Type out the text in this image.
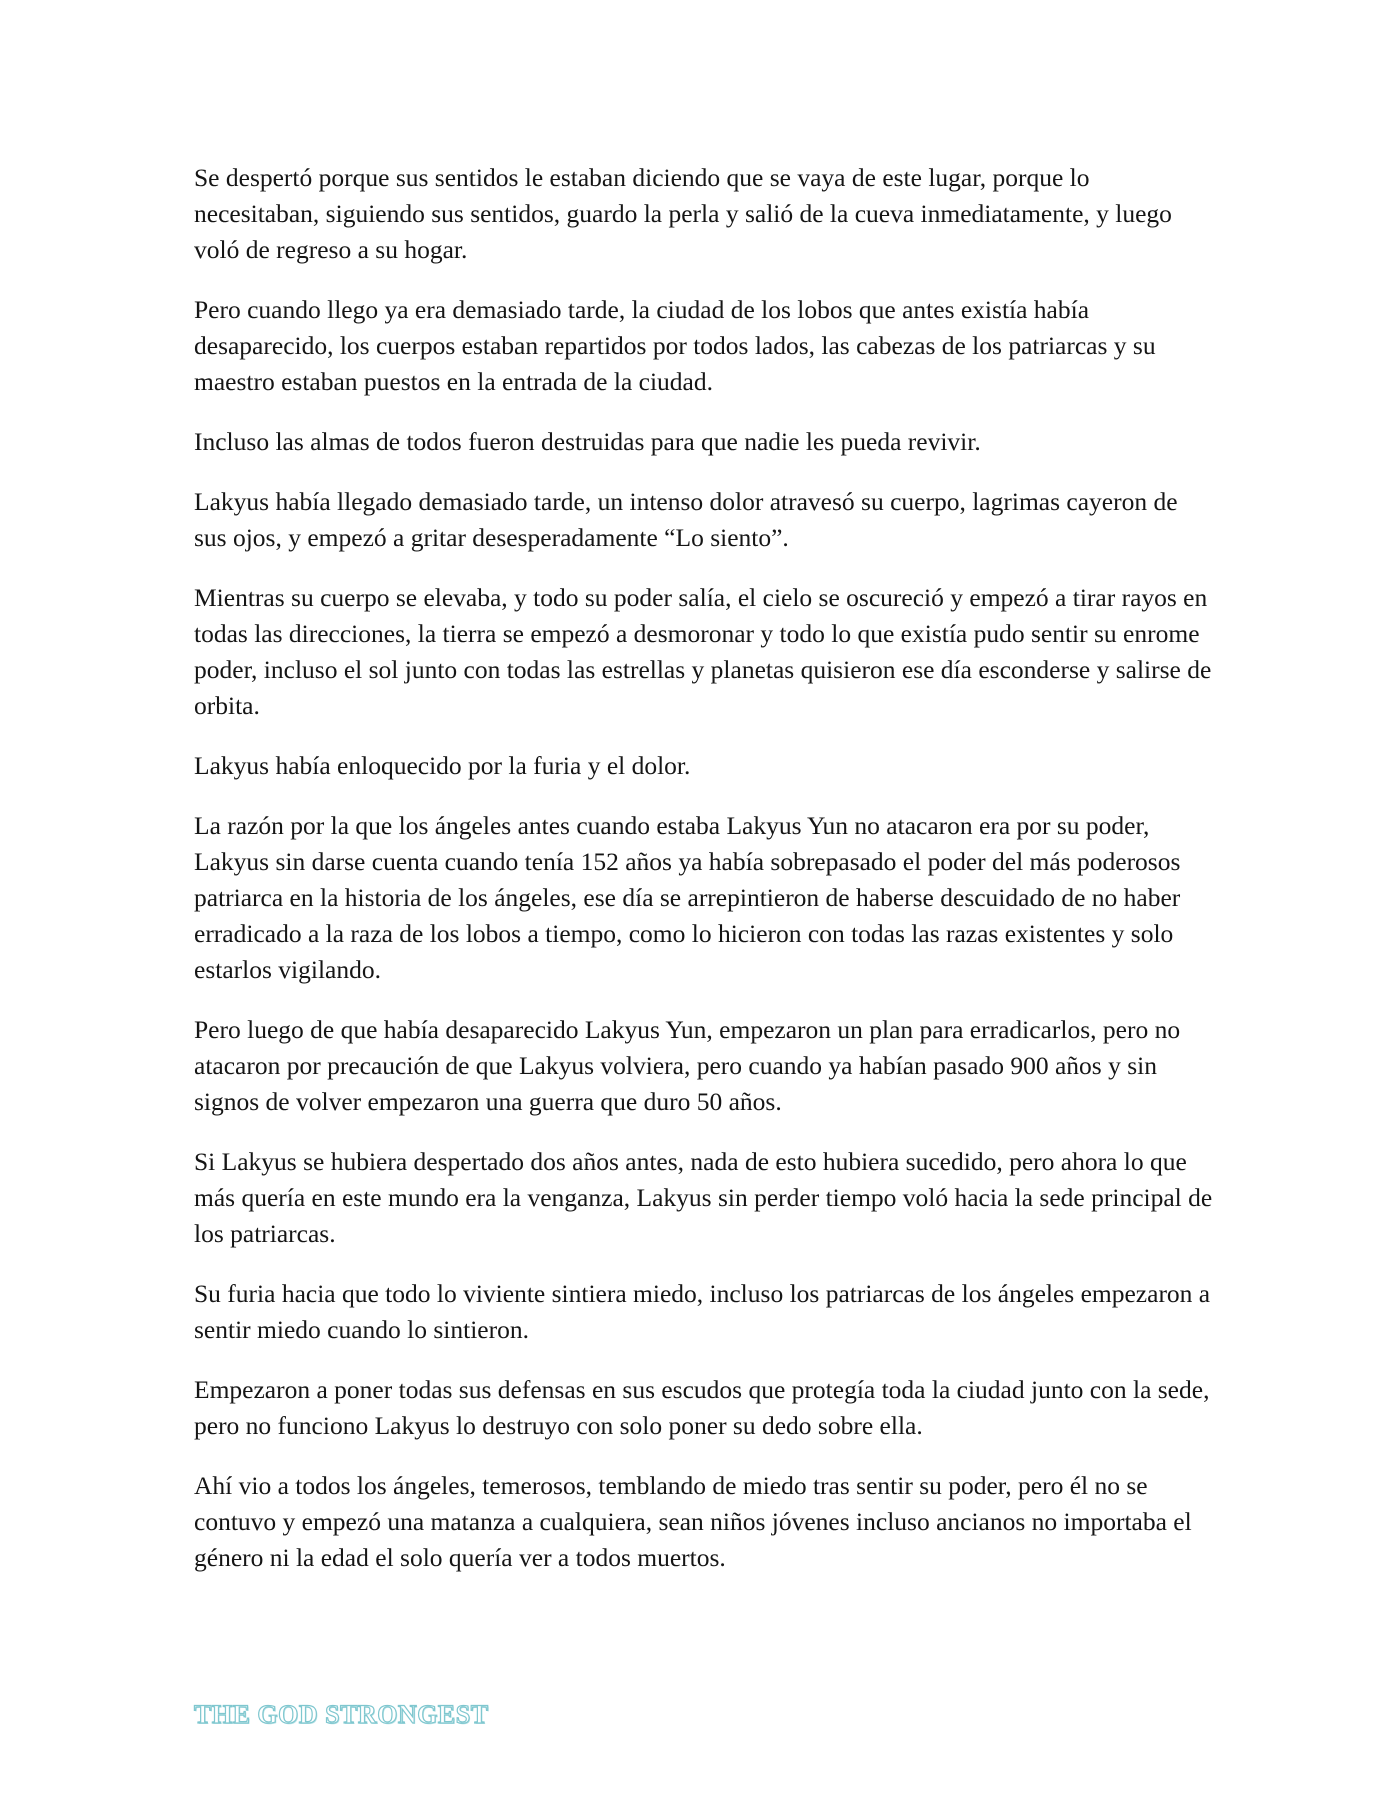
Se despertó porque sus sentidos le estaban diciendo que se vaya de este lugar, porque lo necesitaban, siguiendo sus sentidos, guardo la perla y salió de la cueva inmediatamente, y luego voló de regreso a su hogar.

Pero cuando llego ya era demasiado tarde, la ciudad de los lobos que antes existía había desaparecido, los cuerpos estaban repartidos por todos lados, las cabezas de los patriarcas y su maestro estaban puestos en la entrada de la ciudad.

Incluso las almas de todos fueron destruidas para que nadie les pueda revivir.

Lakyus había llegado demasiado tarde, un intenso dolor atravesó su cuerpo, lagrimas cayeron de sus ojos, y empezó a gritar desesperadamente “Lo siento”.

Mientras su cuerpo se elevaba, y todo su poder salía, el cielo se oscureció y empezó a tirar rayos en todas las direcciones, la tierra se empezó a desmoronar y todo lo que existía pudo sentir su enrome poder, incluso el sol junto con todas las estrellas y planetas quisieron ese día esconderse y salirse de orbita.

Lakyus había enloquecido por la furia y el dolor.

La razón por la que los ángeles antes cuando estaba Lakyus Yun no atacaron era por su poder, Lakyus sin darse cuenta cuando tenía 152 años ya había sobrepasado el poder del más poderosos patriarca en la historia de los ángeles, ese día se arrepintieron de haberse descuidado de no haber erradicado a la raza de los lobos a tiempo, como lo hicieron con todas las razas existentes y solo estarlos vigilando.

Pero luego de que había desaparecido Lakyus Yun, empezaron un plan para erradicarlos, pero no atacaron por precaución de que Lakyus volviera, pero cuando ya habían pasado 900 años y sin signos de volver empezaron una guerra que duro 50 años.

Si Lakyus se hubiera despertado dos años antes, nada de esto hubiera sucedido, pero ahora lo que más quería en este mundo era la venganza, Lakyus sin perder tiempo voló hacia la sede principal de los patriarcas.

Su furia hacia que todo lo viviente sintiera miedo, incluso los patriarcas de los ángeles empezaron a sentir miedo cuando lo sintieron.

Empezaron a poner todas sus defensas en sus escudos que protegía toda la ciudad junto con la sede, pero no funciono Lakyus lo destruyo con solo poner su dedo sobre ella.

Ahí vio a todos los ángeles, temerosos, temblando de miedo tras sentir su poder, pero él no se contuvo y empezó una matanza a cualquiera, sean niños jóvenes incluso ancianos no importaba el género ni la edad el solo quería ver a todos muertos.

THE GOD STRONGEST
